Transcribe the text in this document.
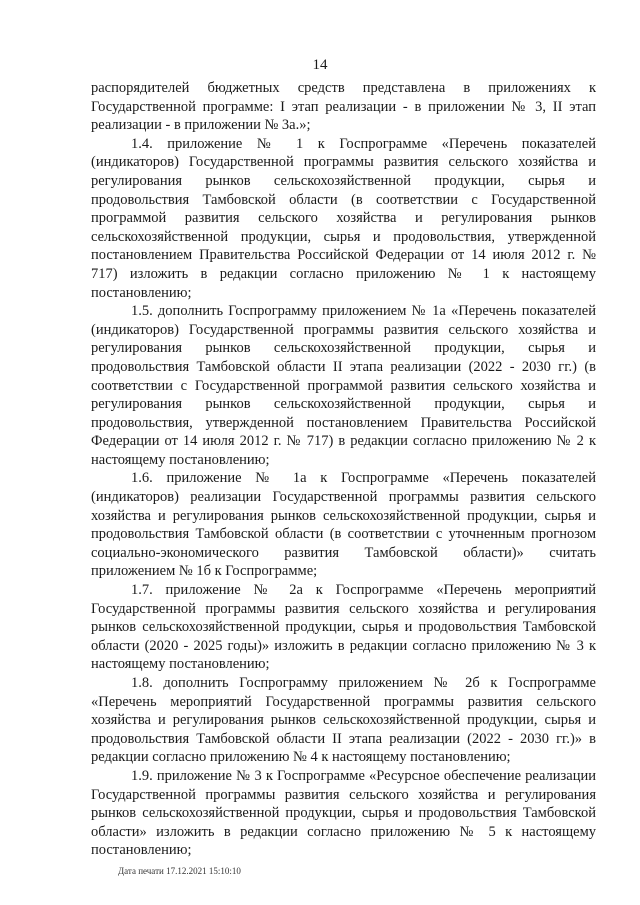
14

распорядителей бюджетных средств представлена в приложениях к Государственной программе: I этап реализации - в приложении № 3, II этап реализации - в приложении № 3а.»;

1.4. приложение № 1 к Госпрограмме «Перечень показателей (индикаторов) Государственной программы развития сельского хозяйства и регулирования рынков сельскохозяйственной продукции, сырья и продовольствия Тамбовской области (в соответствии с Государственной программой развития сельского хозяйства и регулирования рынков сельскохозяйственной продукции, сырья и продовольствия, утвержденной постановлением Правительства Российской Федерации от 14 июля 2012 г. № 717) изложить в редакции согласно приложению № 1 к настоящему постановлению;

1.5. дополнить Госпрограмму приложением № 1а «Перечень показателей (индикаторов) Государственной программы развития сельского хозяйства и регулирования рынков сельскохозяйственной продукции, сырья и продовольствия Тамбовской области II этапа реализации (2022 - 2030 гг.) (в соответствии с Государственной программой развития сельского хозяйства и регулирования рынков сельскохозяйственной продукции, сырья и продовольствия, утвержденной постановлением Правительства Российской Федерации от 14 июля 2012 г. № 717) в редакции согласно приложению № 2 к настоящему постановлению;

1.6. приложение № 1а к Госпрограмме «Перечень показателей (индикаторов) реализации Государственной программы развития сельского хозяйства и регулирования рынков сельскохозяйственной продукции, сырья и продовольствия Тамбовской области (в соответствии с уточненным прогнозом социально-экономического развития Тамбовской области)» считать приложением № 1б к Госпрограмме;

1.7. приложение № 2а к Госпрограмме «Перечень мероприятий Государственной программы развития сельского хозяйства и регулирования рынков сельскохозяйственной продукции, сырья и продовольствия Тамбовской области (2020 - 2025 годы)» изложить в редакции согласно приложению № 3 к настоящему постановлению;

1.8. дополнить Госпрограмму приложением № 2б к Госпрограмме «Перечень мероприятий Государственной программы развития сельского хозяйства и регулирования рынков сельскохозяйственной продукции, сырья и продовольствия Тамбовской области II этапа реализации (2022 - 2030 гг.)» в редакции согласно приложению № 4 к настоящему постановлению;

1.9. приложение № 3 к Госпрограмме «Ресурсное обеспечение реализации Государственной программы развития сельского хозяйства и регулирования рынков сельскохозяйственной продукции, сырья и продовольствия Тамбовской области» изложить в редакции согласно приложению № 5 к настоящему постановлению;

Дата печати 17.12.2021 15:10:10
